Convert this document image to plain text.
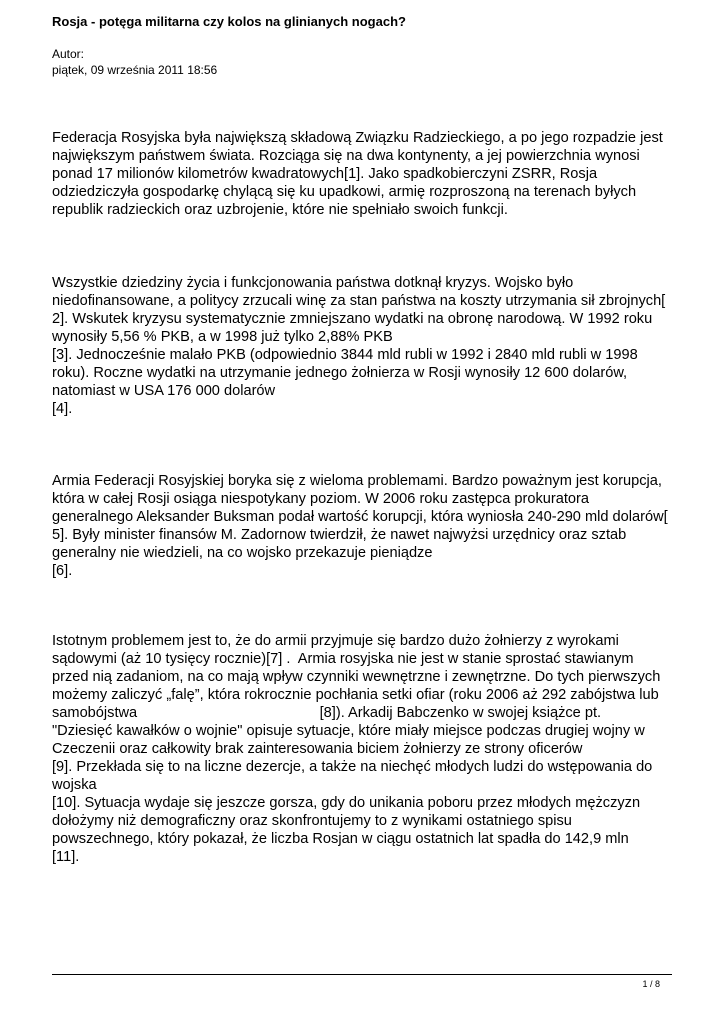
Rosja - potęga militarna czy kolos na glinianych nogach?
Autor:
piątek, 09 września 2011 18:56
Federacja Rosyjska była największą składową Związku Radzieckiego, a po jego rozpadzie jest
największym państwem świata. Rozciąga się na dwa kontynenty, a jej powierzchnia wynosi
ponad 17 milionów kilometrów kwadratowych[1]. Jako spadkobierczyni ZSRR, Rosja
odziedziczyła gospodarkę chylącą się ku upadkowi, armię rozproszoną na terenach byłych
republik radzieckich oraz uzbrojenie, które nie spełniało swoich funkcji.
Wszystkie dziedziny życia i funkcjonowania państwa dotknął kryzys. Wojsko było
niedofinansowane, a politycy zrzucali winę za stan państwa na koszty utrzymania sił zbrojnych[
2]. Wskutek kryzysu systematycznie zmniejszano wydatki na obronę narodową. W 1992 roku
wynosiły 5,56 % PKB, a w 1998 już tylko 2,88% PKB
[3]. Jednocześnie malało PKB (odpowiednio 3844 mld rubli w 1992 i 2840 mld rubli w 1998
roku). Roczne wydatki na utrzymanie jednego żołnierza w Rosji wynosiły 12 600 dolarów,
natomiast w USA 176 000 dolarów
[4].
Armia Federacji Rosyjskiej boryka się z wieloma problemami. Bardzo poważnym jest korupcja,
która w całej Rosji osiąga niespotykany poziom. W 2006 roku zastępca prokuratora
generalnego Aleksander Buksman podał wartość korupcji, która wyniosła 240-290 mld dolarów[
5]. Były minister finansów M. Zadornow twierdził, że nawet najwyżsi urzędnicy oraz sztab
generalny nie wiedzieli, na co wojsko przekazuje pieniądze
[6].
Istotnym problemem jest to, że do armii przyjmuje się bardzo dużo żołnierzy z wyrokami
sądowymi (aż 10 tysięcy rocznie)[7] .  Armia rosyjska nie jest w stanie sprostać stawianym
przed nią zadaniom, na co mają wpływ czynniki wewnętrzne i zewnętrzne. Do tych pierwszych
możemy zaliczyć „falę”, która rokrocznie pochłania setki ofiar (roku 2006 aż 292 zabójstwa lub
samobójstwa                                             [8]). Arkadij Babczenko w swojej książce pt.
"Dziesięć kawałków o wojnie" opisuje sytuacje, które miały miejsce podczas drugiej wojny w
Czeczenii oraz całkowity brak zainteresowania biciem żołnierzy ze strony oficerów
[9]. Przekłada się to na liczne dezercje, a także na niechęć młodych ludzi do wstępowania do
wojska
[10]. Sytuacja wydaje się jeszcze gorsza, gdy do unikania poboru przez młodych mężczyzn
dołożymy niż demograficzny oraz skonfrontujemy to z wynikami ostatniego spisu
powszechnego, który pokazał, że liczba Rosjan w ciągu ostatnich lat spadła do 142,9 mln
[11].
1 / 8
